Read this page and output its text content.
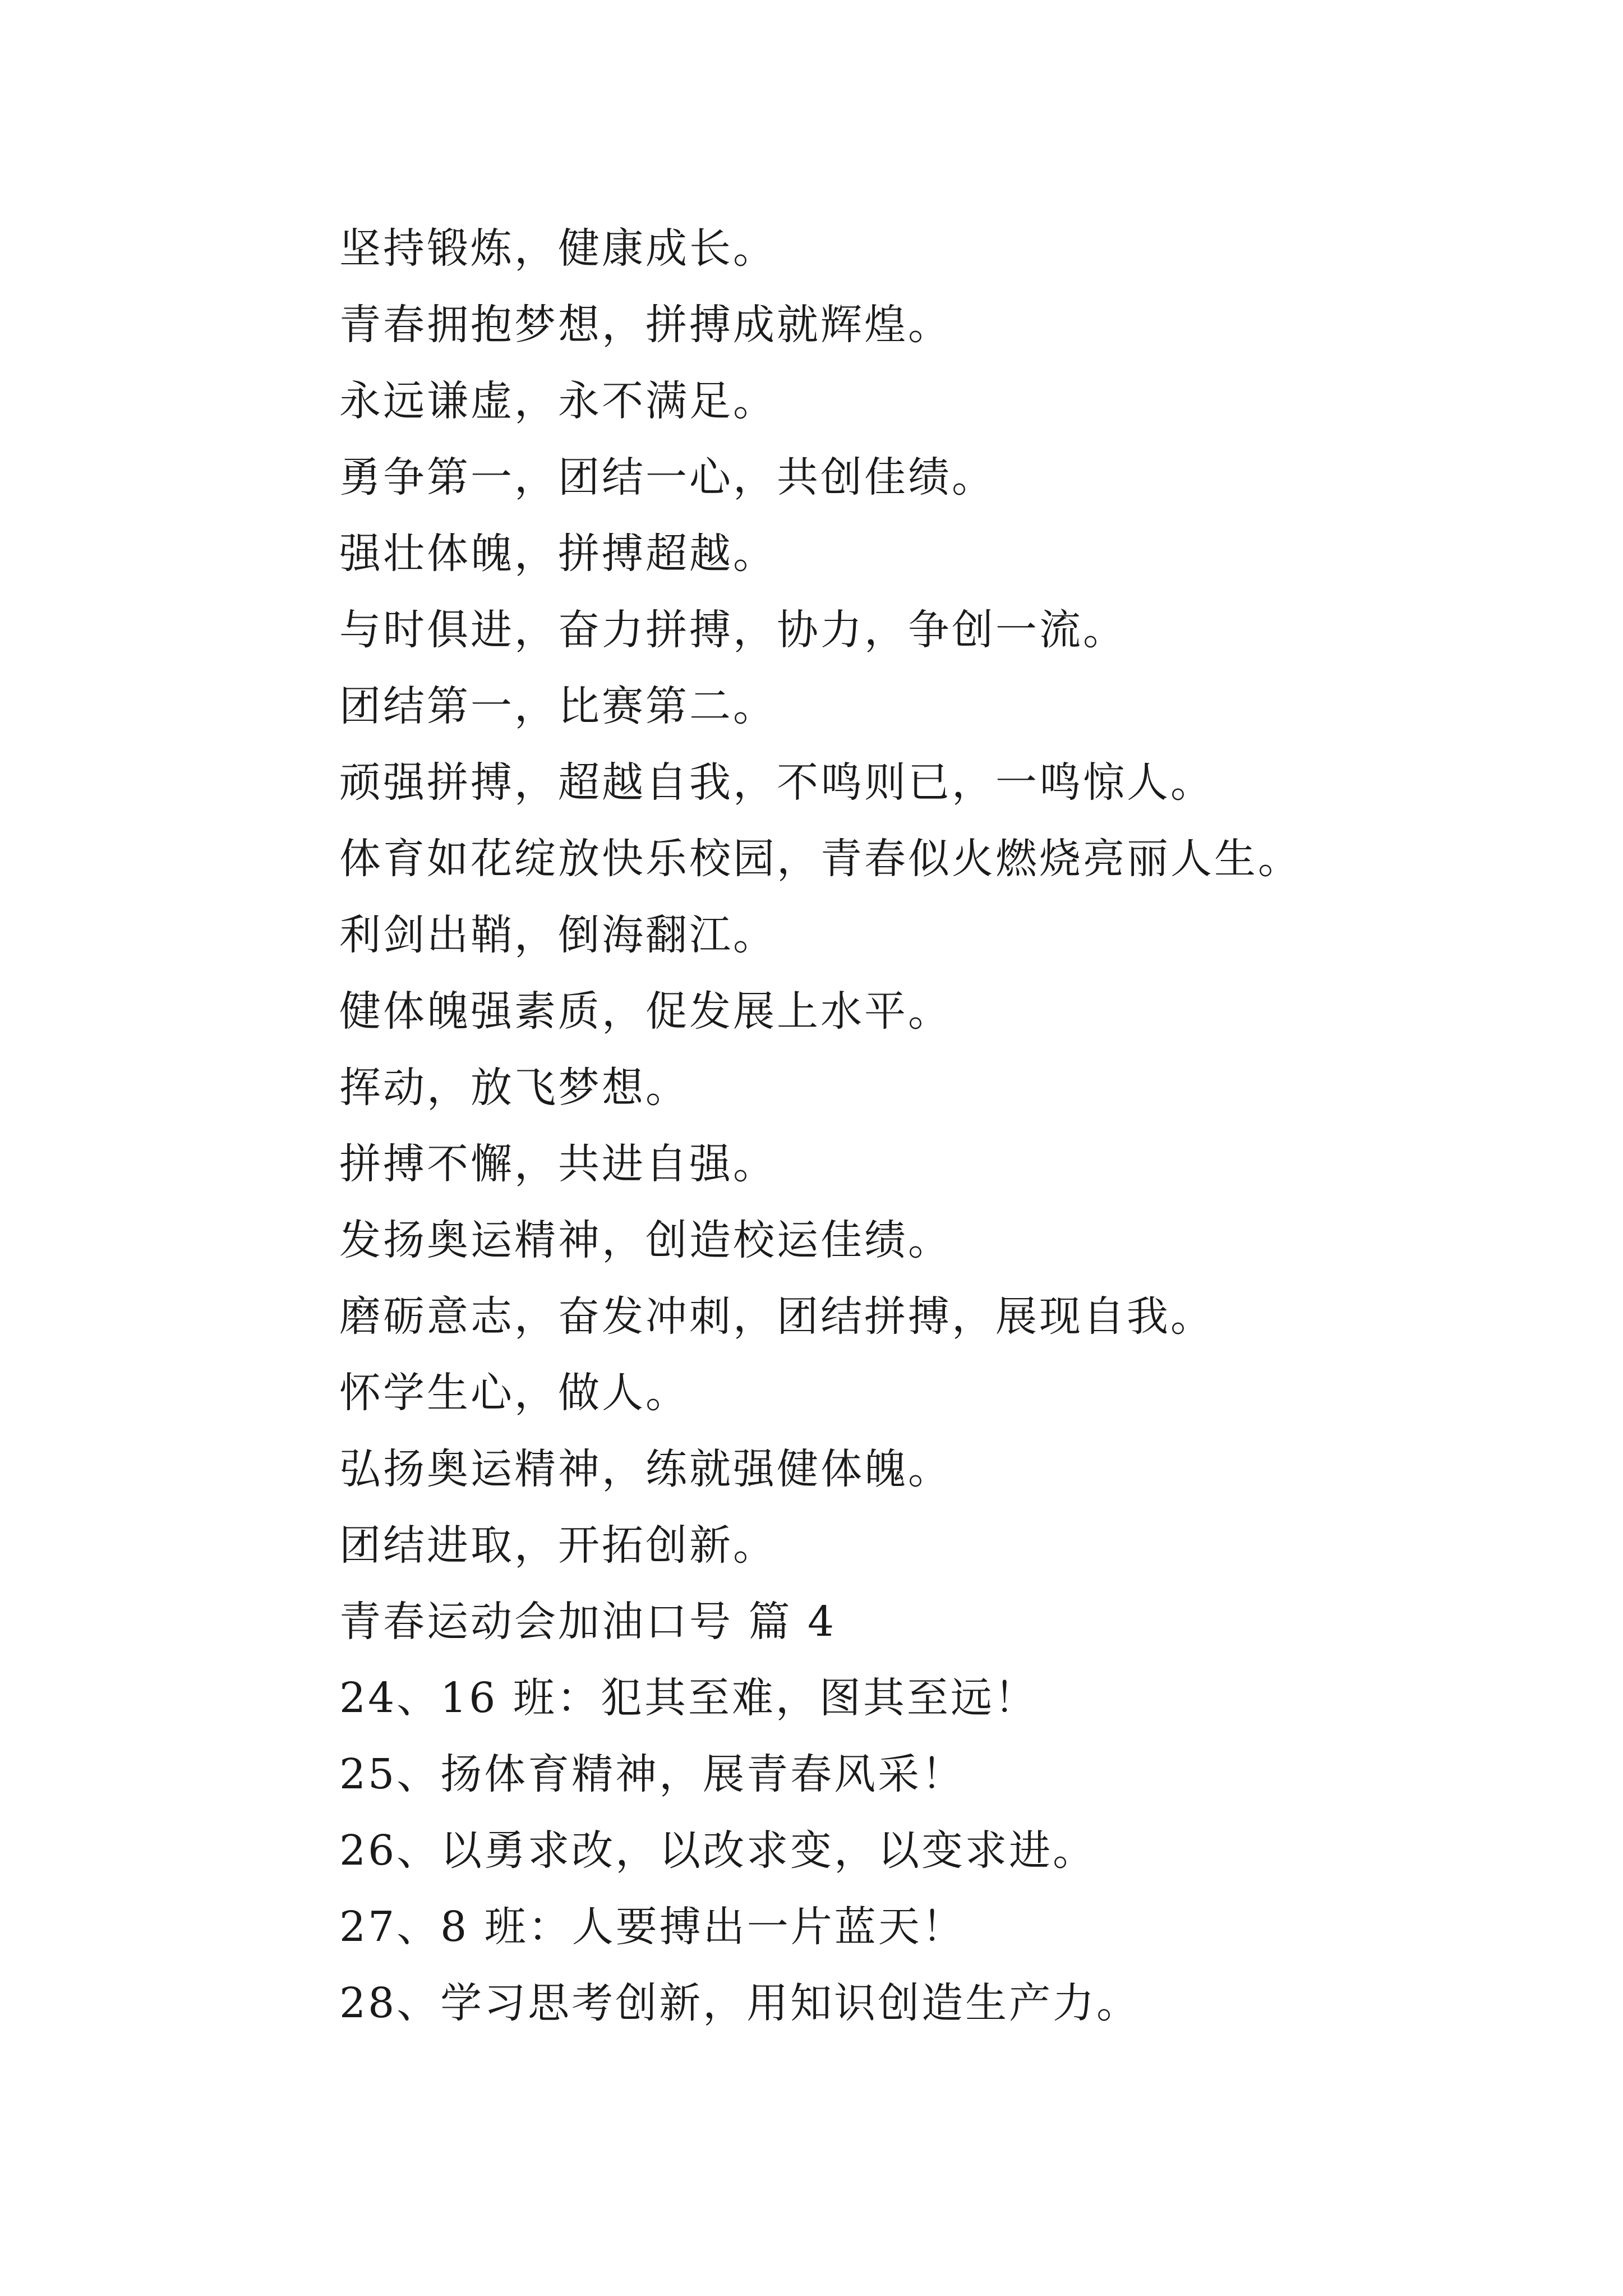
坚持锻炼，健康成长。
青春拥抱梦想，拼搏成就辉煌。
永远谦虚，永不满足。
勇争第一，团结一心，共创佳绩。
强壮体魄，拼搏超越。
与时俱进，奋力拼搏，协力，争创一流。
团结第一，比赛第二。
顽强拼搏，超越自我，不鸣则已，一鸣惊人。
体育如花绽放快乐校园，青春似火燃烧亮丽人生。
利剑出鞘，倒海翻江。
健体魄强素质，促发展上水平。
挥动，放飞梦想。
拼搏不懈，共进自强。
发扬奥运精神，创造校运佳绩。
磨砺意志，奋发冲刺，团结拼搏，展现自我。
怀学生心，做人。
弘扬奥运精神，练就强健体魄。
团结进取，开拓创新。
青春运动会加油口号 篇 4
24、16 班：犯其至难，图其至远！
25、扬体育精神，展青春风采！
26、以勇求改，以改求变，以变求进。
27、8 班：人要搏出一片蓝天！
28、学习思考创新，用知识创造生产力。
